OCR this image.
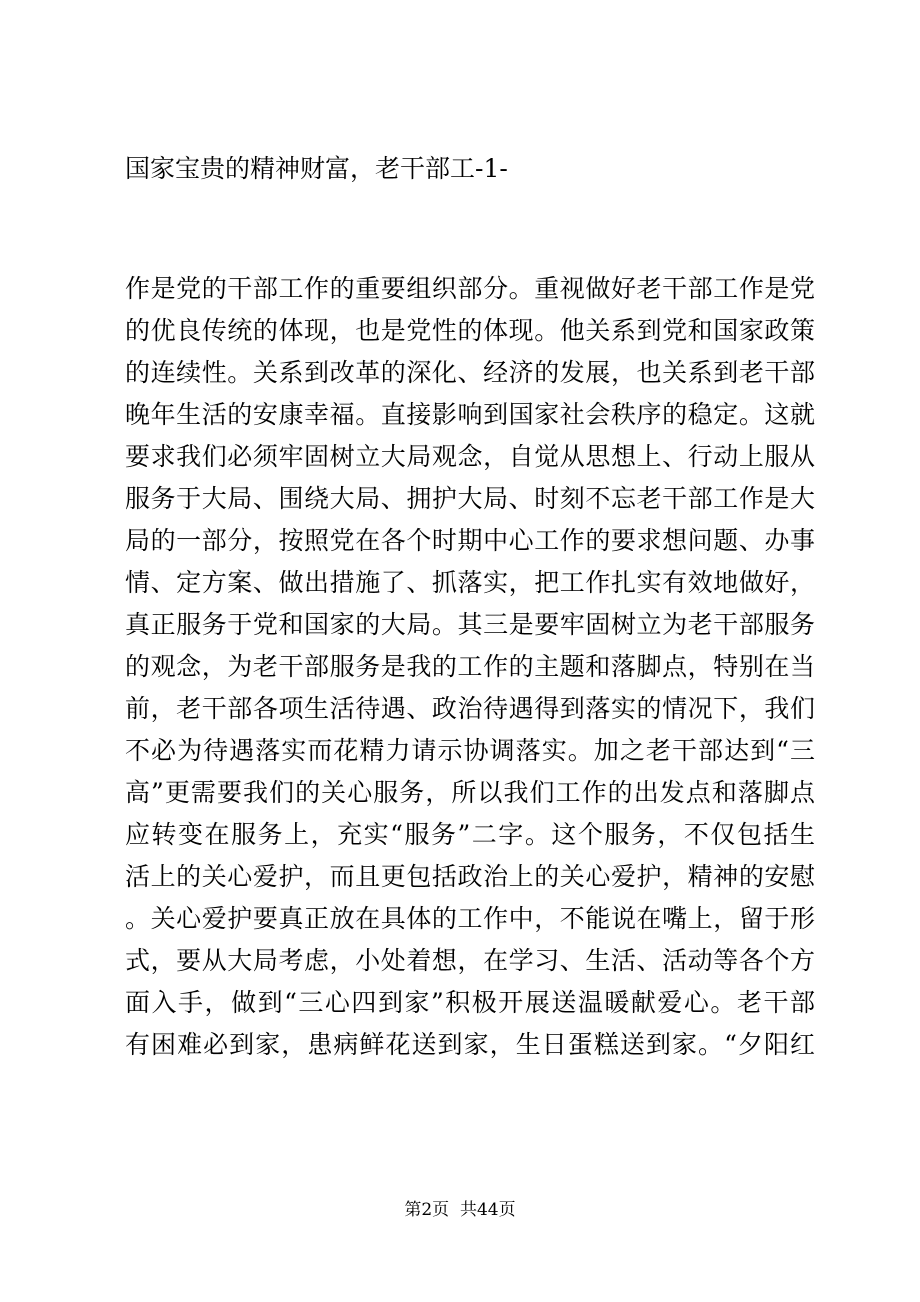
国家宝贵的精神财富，老干部工-1-
作是党的干部工作的重要组织部分。重视做好老干部工作是党
的优良传统的体现，也是党性的体现。他关系到党和国家政策
的连续性。关系到改革的深化、经济的发展，也关系到老干部
晚年生活的安康幸福。直接影响到国家社会秩序的稳定。这就
要求我们必须牢固树立大局观念，自觉从思想上、行动上服从
服务于大局、围绕大局、拥护大局、时刻不忘老干部工作是大
局的一部分，按照党在各个时期中心工作的要求想问题、办事
情、定方案、做出措施了、抓落实，把工作扎实有效地做好，
真正服务于党和国家的大局。其三是要牢固树立为老干部服务
的观念，为老干部服务是我的工作的主题和落脚点，特别在当
前，老干部各项生活待遇、政治待遇得到落实的情况下，我们
不必为待遇落实而花精力请示协调落实。加之老干部达到“三
高”更需要我们的关心服务，所以我们工作的出发点和落脚点
应转变在服务上，充实“服务”二字。这个服务，不仅包括生
活上的关心爱护，而且更包括政治上的关心爱护，精神的安慰
。关心爱护要真正放在具体的工作中，不能说在嘴上，留于形
式，要从大局考虑，小处着想，在学习、生活、活动等各个方
面入手，做到“三心四到家”积极开展送温暖献爱心。老干部
有困难必到家，患病鲜花送到家，生日蛋糕送到家。“夕阳红
第2页  共44页
